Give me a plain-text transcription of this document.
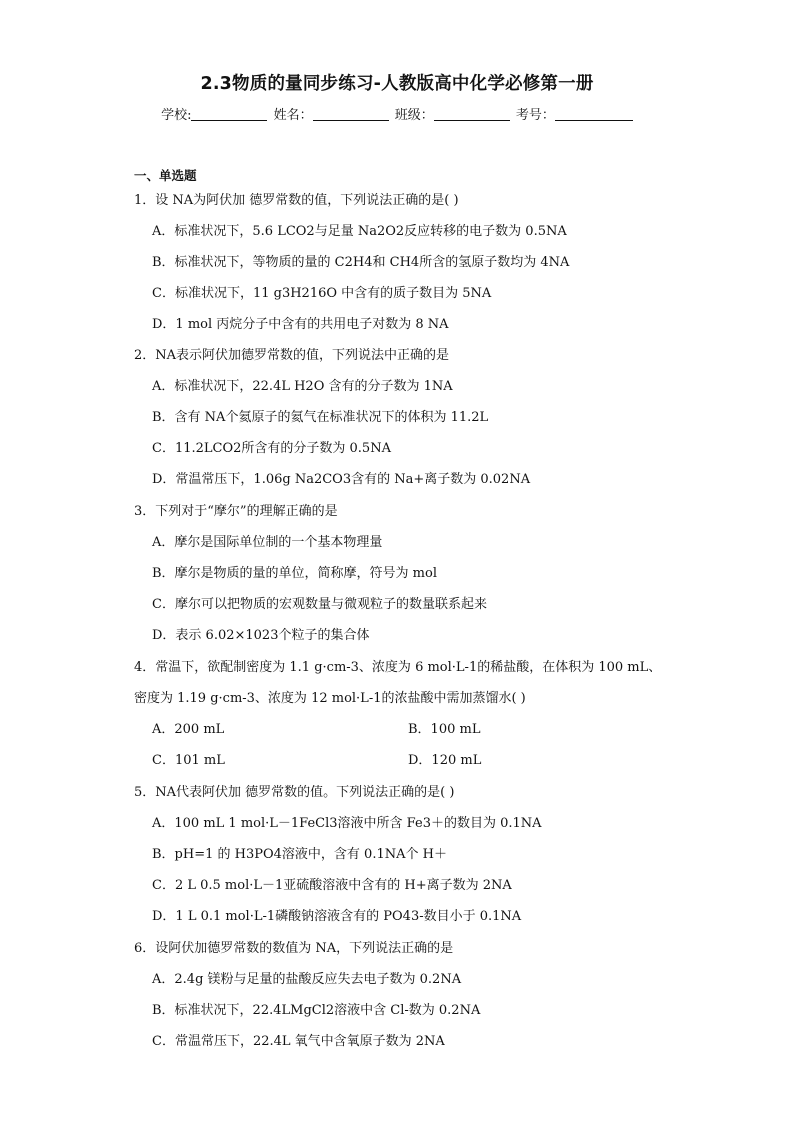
2.3物质的量同步练习-人教版高中化学必修第一册
学校:	姓名：	班级：	考号：
一、单选题
1．设 NA为阿伏加 德罗常数的值，下列说法正确的是( )
A．标准状况下，5.6 LCO2与足量 Na2O2反应转移的电子数为 0.5NA
B．标准状况下，等物质的量的 C2H4和 CH4所含的氢原子数均为 4NA
C．标准状况下，11 g3H216O 中含有的质子数目为 5NA
D．1 mol 丙烷分子中含有的共用电子对数为 8 NA
2．NA表示阿伏加德罗常数的值，下列说法中正确的是
A．标准状况下，22.4L H2O 含有的分子数为 1NA
B．含有 NA个氦原子的氦气在标准状况下的体积为 11.2L
C．11.2LCO2所含有的分子数为 0.5NA
D．常温常压下，1.06g Na2CO3含有的 Na+离子数为 0.02NA
3．下列对于“摩尔”的理解正确的是
A．摩尔是国际单位制的一个基本物理量
B．摩尔是物质的量的单位，简称摩，符号为 mol
C．摩尔可以把物质的宏观数量与微观粒子的数量联系起来
D．表示 6.02×1023个粒子的集合体
4．常温下，欲配制密度为 1.1 g·cm-3、浓度为 6 mol·L-1的稀盐酸，在体积为 100 mL、
密度为 1.19 g·cm-3、浓度为 12 mol·L-1的浓盐酸中需加蒸馏水( )
A．200 mL	B．100 mL
C．101 mL	D．120 mL
5．NA代表阿伏加 德罗常数的值。下列说法正确的是( )
A．100 mL 1 mol·L－1FeCl3溶液中所含 Fe3＋的数目为 0.1NA
B．pH=1 的 H3PO4溶液中，含有 0.1NA个 H＋
C．2 L 0.5 mol·L－1亚硫酸溶液中含有的 H+离子数为 2NA
D．1 L 0.1 mol·L-1磷酸钠溶液含有的 PO43-数目小于 0.1NA
6．设阿伏加德罗常数的数值为 NA，下列说法正确的是
A．2.4g 镁粉与足量的盐酸反应失去电子数为 0.2NA
B．标准状况下，22.4LMgCl2溶液中含 Cl-数为 0.2NA
C．常温常压下，22.4L 氧气中含氧原子数为 2NA
